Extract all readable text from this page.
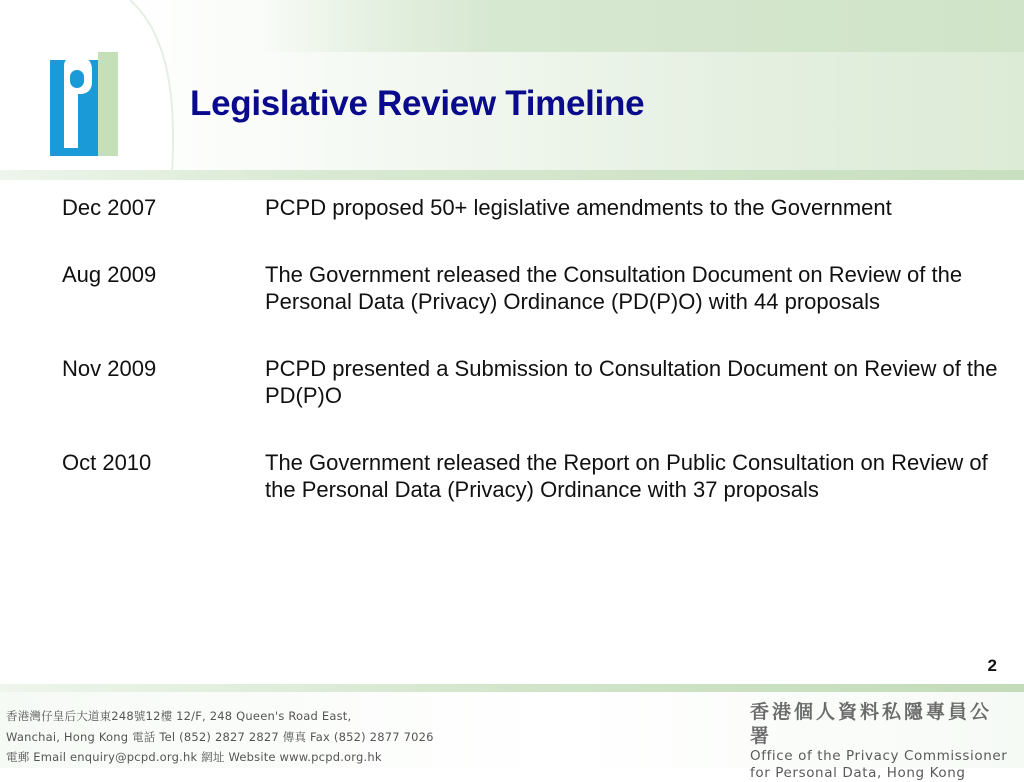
Legislative Review Timeline
Dec 2007	PCPD proposed 50+ legislative amendments to the Government
Aug 2009	The Government released the Consultation Document on Review of the Personal Data (Privacy) Ordinance (PD(P)O) with 44 proposals
Nov 2009	PCPD presented a Submission to Consultation Document on Review of the PD(P)O
Oct 2010	The Government released the Report on Public Consultation on Review of the Personal Data (Privacy) Ordinance with 37 proposals
2
香港灣仔皇后大道東248號12樓 12/F, 248 Queen's Road East,
Wanchai, Hong Kong 電話 Tel (852) 2827 2827 傳真 Fax (852) 2877 7026
電郵 Email enquiry@pcpd.org.hk 網址 Website www.pcpd.org.hk
香港個人資料私隱專員公署
Office of the Privacy Commissioner
for Personal Data, Hong Kong
